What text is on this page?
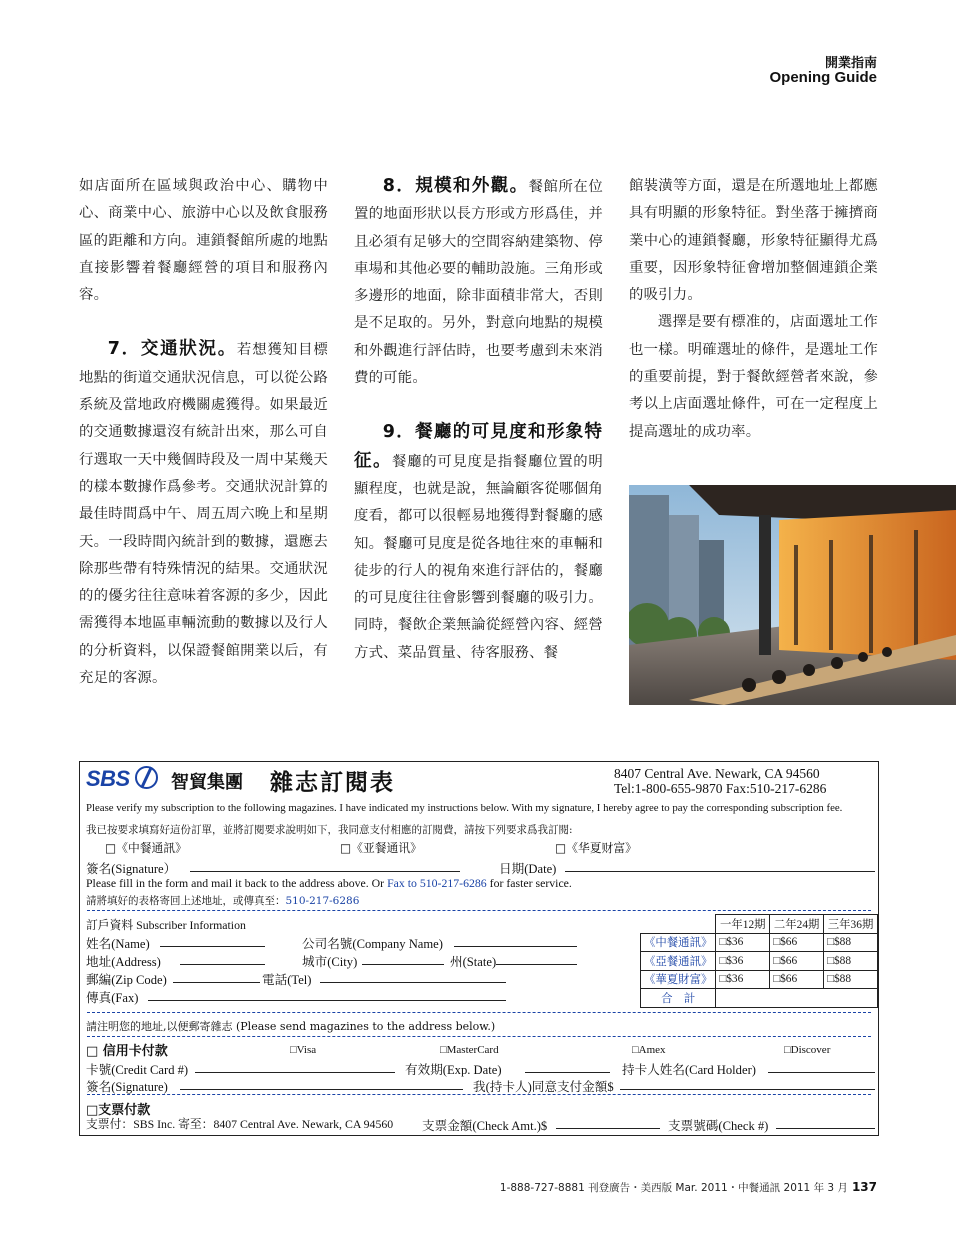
開業指南
Opening Guide

如店面所在區域與政治中心、購物中心、商業中心、旅游中心以及飲食服務區的距離和方向。連鎖餐館所處的地點直接影響着餐廳經營的項目和服務內容。

7．交通狀況。若想獲知目標地點的街道交通狀況信息，可以從公路系統及當地政府機關處獲得。如果最近的交通數據還沒有統計出來，那么可自行選取一天中幾個時段及一周中某幾天的樣本數據作爲參考。交通狀況計算的最佳時間爲中午、周五周六晚上和星期天。一段時間內統計到的數據，還應去除那些帶有特殊情況的結果。交通狀況的的優劣往往意味着客源的多少，因此需獲得本地區車輛流動的數據以及行人的分析資料，以保證餐館開業以后，有充足的客源。

8．規模和外觀。餐館所在位置的地面形狀以長方形或方形爲佳，并且必須有足够大的空間容納建築物、停車場和其他必要的輔助設施。三角形或多邊形的地面，除非面積非常大，否則是不足取的。另外，對意向地點的規模和外觀進行評估時，也要考慮到未來消費的可能。

9．餐廳的可見度和形象特征。餐廳的可見度是指餐廳位置的明顯程度，也就是說，無論顧客從哪個角度看，都可以很輕易地獲得對餐廳的感知。餐廳可見度是從各地往來的車輛和徒步的行人的視角來進行評估的，餐廳的可見度往往會影響到餐廳的吸引力。同時，餐飲企業無論從經營內容、經營方式、菜品質量、待客服務、餐

館裝潢等方面，還是在所選地址上都應具有明顯的形象特征。對坐落于擁擠商業中心的連鎖餐廳，形象特征顯得尤爲重要，因形象特征會增加整個連鎖企業的吸引力。

選擇是要有標准的，店面選址工作也一樣。明確選址的條件，是選址工作的重要前提，對于餐飲經營者來說，參考以上店面選址條件，可在一定程度上提高選址的成功率。

SBS 智貿集團 雜志訂閱表	8407 Central Ave. Newark, CA 94560
Tel:1-800-655-9870 Fax:510-217-6286
Please verify my subscription to the following magazines. I have indicated my instructions below. With my signature, I hereby agree to pay the corresponding subscription fee.
我已按要求填寫好這份訂單，並將訂閱要求說明如下，我同意支付相應的訂閱費，請按下列要求爲我訂閱:
□《中餐通訊》	□《亚餐通讯》	□《华夏财富》
簽名(Signature）	日期(Date)
Please fill in the form and mail it back to the address above. Or Fax to 510-217-6286 for faster service.
請將填好的表格寄回上述地址，或傳真至：510-217-6286
訂戶資料 Subscriber Information
姓名(Name)	公司名號(Company Name)
地址(Address)	城市(City)	州(State)
郵編(Zip Code)	電話(Tel)
傳真(Fax)
	一年12期	二年24期	三年36期
《中餐通訊》	□$36	□$66	□$88
《亞餐通訊》	□$36	□$66	□$88
《華夏財富》	□$36	□$66	□$88
合　計			
請注明您的地址,以便郵寄雜志 (Please send magazines to the address below.)
□ 信用卡付款	□Visa	□MasterCard	□Amex	□Discover
卡號(Credit Card #)	有效期(Exp. Date)	持卡人姓名(Card Holder)
簽名(Signature)	我(持卡人)同意支付金額$
□支票付款
支票付：SBS Inc. 寄至：8407 Central Ave. Newark, CA 94560 支票金額(Check Amt.)$	支票號碼(Check #)
1-888-727-8881 刊登廣告・美西版 Mar. 2011・中餐通訊 2011 年 3 月 137
